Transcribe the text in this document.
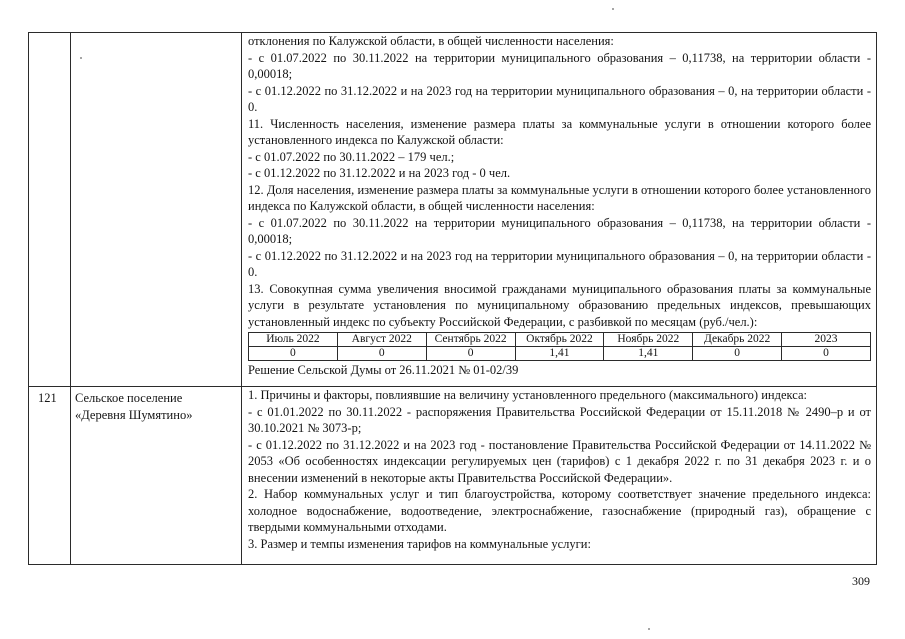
отклонения по Калужской области, в общей численности населения:

- с 01.07.2022 по 30.11.2022 на территории муниципального образования – 0,11738, на территории области - 0,00018;

- с 01.12.2022 по 31.12.2022 и на 2023 год на территории муниципального образования – 0, на территории области - 0.

11. Численность населения, изменение размера платы за коммунальные услуги в отношении которого более установленного индекса по Калужской области:

- с 01.07.2022 по 30.11.2022 – 179 чел.;

- с 01.12.2022 по 31.12.2022 и на 2023 год - 0 чел.

12. Доля населения, изменение размера платы за коммунальные услуги в отношении которого более установленного индекса по Калужской области, в общей численности населения:

- с 01.07.2022 по 30.11.2022 на территории муниципального образования – 0,11738, на территории области - 0,00018;

- с 01.12.2022 по 31.12.2022 и на 2023 год на территории муниципального образования – 0, на территории области - 0.

13. Совокупная сумма увеличения вносимой гражданами муниципального образования платы за коммунальные услуги в результате установления по муниципальному образованию предельных индексов, превышающих установленный индекс по субъекту Российской Федерации, с разбивкой по месяцам (руб./чел.):

Июль 2022	Август 2022	Сентябрь 2022	Октябрь 2022	Ноябрь 2022	Декабрь 2022	2023
0	0	0	1,41	1,41	0	0

Решение Сельской Думы от 26.11.2021 № 01-02/39

121	Сельское поселение
«Деревня Шумятино»

1. Причины и факторы, повлиявшие на величину установленного предельного (максимального) индекса:

- с 01.01.2022 по 30.11.2022 - распоряжения Правительства Российской Федерации от 15.11.2018 № 2490–р и от 30.10.2021 № 3073-р;

- с 01.12.2022 по 31.12.2022 и на 2023 год - постановление Правительства Российской Федерации от 14.11.2022 № 2053 «Об особенностях индексации регулируемых цен (тарифов) с 1 декабря 2022 г. по 31 декабря 2023 г. и о внесении изменений в некоторые акты Правительства Российской Федерации».

2. Набор коммунальных услуг и тип благоустройства, которому соответствует значение предельного индекса: холодное водоснабжение, водоотведение, электроснабжение, газоснабжение (природный газ), обращение с твердыми коммунальными отходами.

3. Размер и темпы изменения тарифов на коммунальные услуги:

309
